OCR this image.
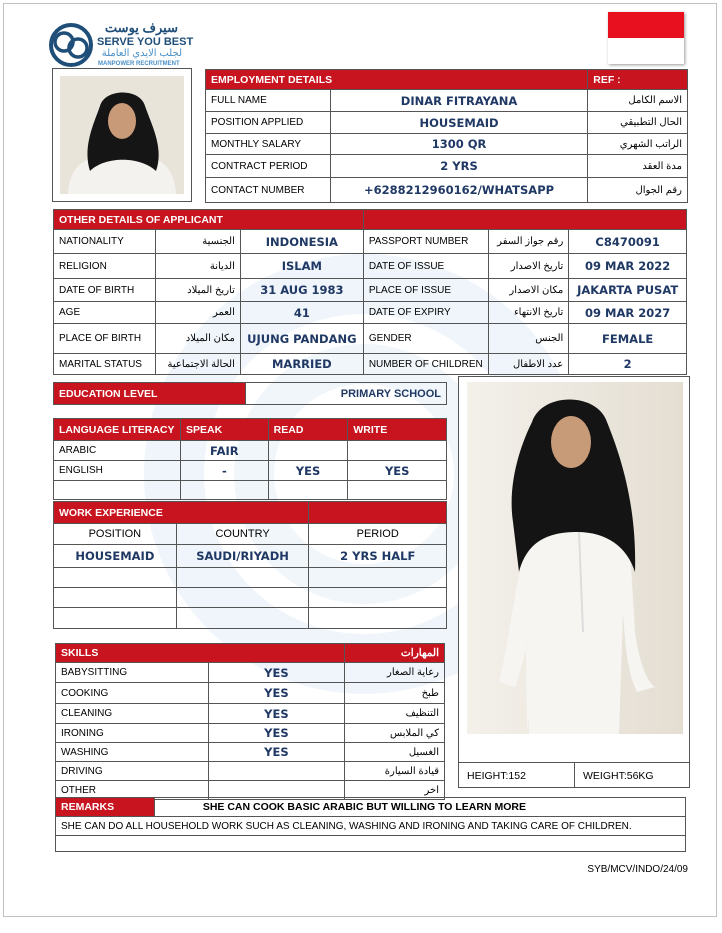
سيرف يوست
SERVE YOU BEST
لجلب الايدي العاملة
MANPOWER RECRUITMENT
EMPLOYMENT DETAILS		REF :
FULL NAME	DINAR FITRAYANA	الاسم الكامل
POSITION APPLIED	HOUSEMAID	الحال التطبيقي
MONTHLY SALARY	1300 QR	الراتب الشهري
CONTRACT PERIOD	2 YRS	مدة العقد
CONTACT NUMBER	+6288212960162/WHATSAPP	رقم الجوال
OTHER DETAILS OF APPLICANT					
NATIONALITY	الجنسية	INDONESIA	PASSPORT NUMBER	رقم جواز السفر	C8470091
RELIGION	الديانة	ISLAM	DATE OF ISSUE	تاريخ الاصدار	09 MAR 2022
DATE OF BIRTH	تاريخ الميلاد	31 AUG 1983	PLACE OF ISSUE	مكان الاصدار	JAKARTA PUSAT
AGE	العمر	41	DATE OF EXPIRY	تاريخ الانتهاء	09 MAR 2027
PLACE OF BIRTH	مكان الميلاد	UJUNG PANDANG	GENDER	الجنس	FEMALE
MARITAL STATUS	الحالة الاجتماعية	MARRIED	NUMBER OF CHILDREN	عدد الاطفال	2
EDUCATION LEVEL	PRIMARY SCHOOL
LANGUAGE LITERACY	SPEAK	READ	WRITE
ARABIC	FAIR		
ENGLISH	-	YES	YES

WORK EXPERIENCE		
POSITION	COUNTRY	PERIOD
HOUSEMAID	SAUDI/RIYADH	2 YRS HALF

SKILLS		المهارات
BABYSITTING	YES	رعاية الصغار
COOKING	YES	طبخ
CLEANING	YES	التنظيف
IRONING	YES	كي الملابس
WASHING	YES	الغسيل
DRIVING		قيادة السيارة
OTHER		اخر
HEIGHT:152	WEIGHT:56KG
REMARKS	SHE CAN COOK BASIC ARABIC BUT WILLING TO LEARN MORE
SHE CAN DO ALL HOUSEHOLD WORK SUCH AS CLEANING, WASHING AND IRONING AND TAKING CARE OF CHILDREN.

SYB/MCV/INDO/24/09
